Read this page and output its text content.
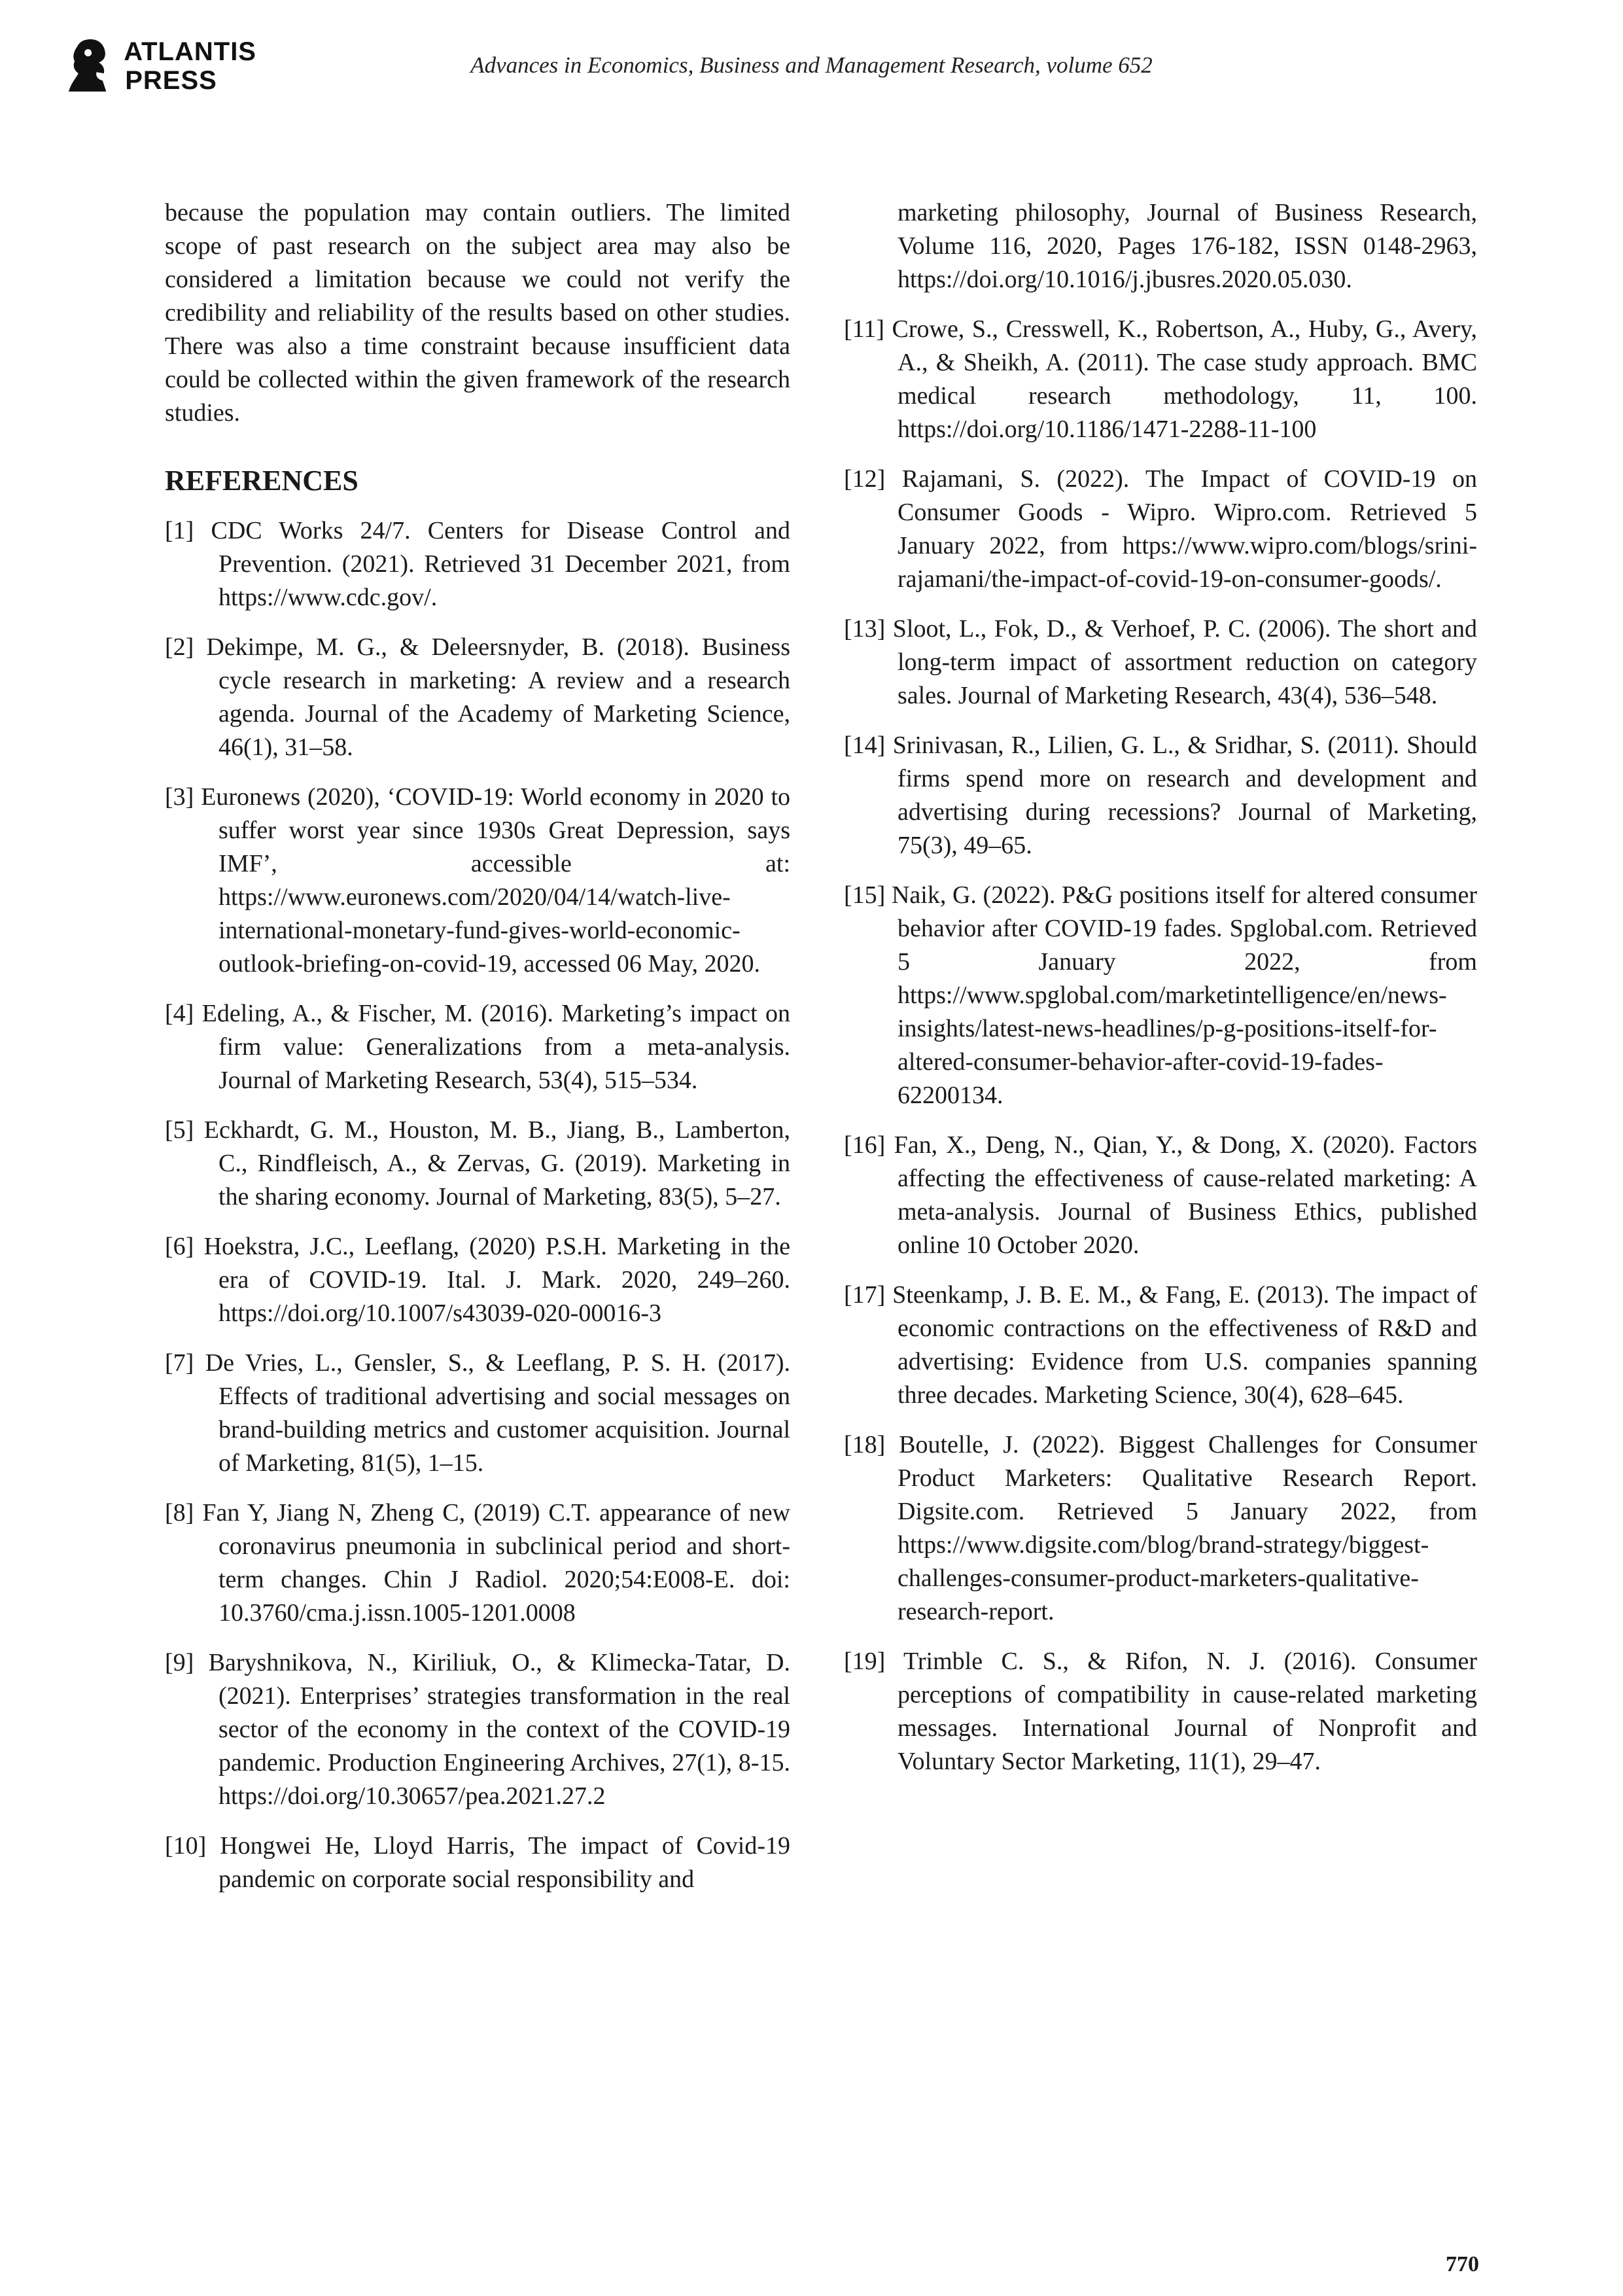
ATLANTIS
PRESS
Advances in Economics, Business and Management Research, volume 652

because the population may contain outliers. The limited scope of past research on the subject area may also be considered a limitation because we could not verify the credibility and reliability of the results based on other studies. There was also a time constraint because insufficient data could be collected within the given framework of the research studies.

REFERENCES
[1] CDC Works 24/7. Centers for Disease Control and Prevention. (2021). Retrieved 31 December 2021, from https://www.cdc.gov/.
[2] Dekimpe, M. G., & Deleersnyder, B. (2018). Business cycle research in marketing: A review and a research agenda. Journal of the Academy of Marketing Science, 46(1), 31–58.
[3] Euronews (2020), ‘COVID-19: World economy in 2020 to suffer worst year since 1930s Great Depression, says IMF’, accessible at: https://www.euronews.com/2020/04/14/watch-live-international-monetary-fund-gives-world-economic-outlook-briefing-on-covid-19, accessed 06 May, 2020.
[4] Edeling, A., & Fischer, M. (2016). Marketing’s impact on firm value: Generalizations from a meta-analysis. Journal of Marketing Research, 53(4), 515–534.
[5] Eckhardt, G. M., Houston, M. B., Jiang, B., Lamberton, C., Rindfleisch, A., & Zervas, G. (2019). Marketing in the sharing economy. Journal of Marketing, 83(5), 5–27.
[6] Hoekstra, J.C., Leeflang, (2020) P.S.H. Marketing in the era of COVID-19. Ital. J. Mark. 2020, 249–260. https://doi.org/10.1007/s43039-020-00016-3
[7] De Vries, L., Gensler, S., & Leeflang, P. S. H. (2017). Effects of traditional advertising and social messages on brand-building metrics and customer acquisition. Journal of Marketing, 81(5), 1–15.
[8] Fan Y, Jiang N, Zheng C, (2019) C.T. appearance of new coronavirus pneumonia in subclinical period and short-term changes. Chin J Radiol. 2020;54:E008-E. doi: 10.3760/cma.j.issn.1005-1201.0008
[9] Baryshnikova, N., Kiriliuk, O., & Klimecka-Tatar, D. (2021). Enterprises’ strategies transformation in the real sector of the economy in the context of the COVID-19 pandemic. Production Engineering Archives, 27(1), 8-15. https://doi.org/10.30657/pea.2021.27.2
[10] Hongwei He, Lloyd Harris, The impact of Covid-19 pandemic on corporate social responsibility and
marketing philosophy, Journal of Business Research, Volume 116, 2020, Pages 176-182, ISSN 0148-2963, https://doi.org/10.1016/j.jbusres.2020.05.030.
[11] Crowe, S., Cresswell, K., Robertson, A., Huby, G., Avery, A., & Sheikh, A. (2011). The case study approach. BMC medical research methodology, 11, 100. https://doi.org/10.1186/1471-2288-11-100
[12] Rajamani, S. (2022). The Impact of COVID-19 on Consumer Goods - Wipro. Wipro.com. Retrieved 5 January 2022, from https://www.wipro.com/blogs/srini-rajamani/the-impact-of-covid-19-on-consumer-goods/.
[13] Sloot, L., Fok, D., & Verhoef, P. C. (2006). The short and long-term impact of assortment reduction on category sales. Journal of Marketing Research, 43(4), 536–548.
[14] Srinivasan, R., Lilien, G. L., & Sridhar, S. (2011). Should firms spend more on research and development and advertising during recessions? Journal of Marketing, 75(3), 49–65.
[15] Naik, G. (2022). P&G positions itself for altered consumer behavior after COVID-19 fades. Spglobal.com. Retrieved 5 January 2022, from https://www.spglobal.com/marketintelligence/en/news-insights/latest-news-headlines/p-g-positions-itself-for-altered-consumer-behavior-after-covid-19-fades-62200134.
[16] Fan, X., Deng, N., Qian, Y., & Dong, X. (2020). Factors affecting the effectiveness of cause-related marketing: A meta-analysis. Journal of Business Ethics, published online 10 October 2020.
[17] Steenkamp, J. B. E. M., & Fang, E. (2013). The impact of economic contractions on the effectiveness of R&D and advertising: Evidence from U.S. companies spanning three decades. Marketing Science, 30(4), 628–645.
[18] Boutelle, J. (2022). Biggest Challenges for Consumer Product Marketers: Qualitative Research Report. Digsite.com. Retrieved 5 January 2022, from https://www.digsite.com/blog/brand-strategy/biggest-challenges-consumer-product-marketers-qualitative-research-report.
[19] Trimble C. S., & Rifon, N. J. (2016). Consumer perceptions of compatibility in cause-related marketing messages. International Journal of Nonprofit and Voluntary Sector Marketing, 11(1), 29–47.
770
